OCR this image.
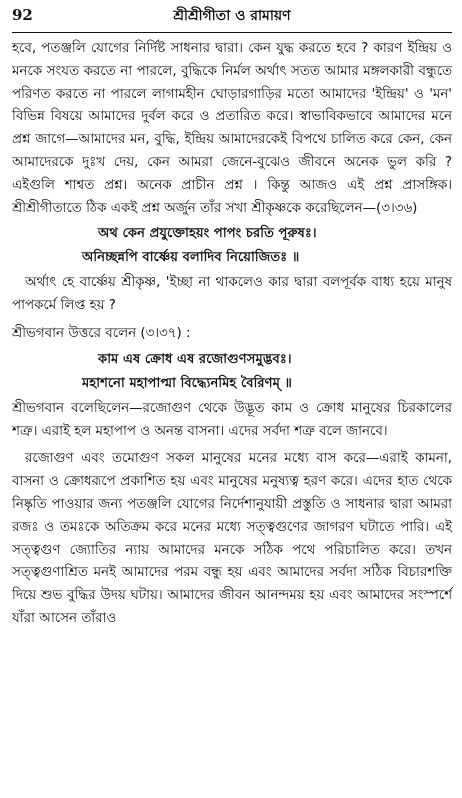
92	শ্রীশ্রীগীতা ও রামায়ণ

হবে, পতঞ্জলি যোগের নির্দিষ্ট সাধনার দ্বারা। কেন যুদ্ধ করতে হবে ? কারণ ইন্দ্রিয় ও মনকে সংযত করতে না পারলে, বুদ্ধিকে নির্মল অর্থাৎ সতত আমার মঙ্গলকারী বন্ধুতে পরিণত করতে না পারলে লাগামহীন ঘোড়ারগাড়ির মতো আমাদের 'ইন্দ্রিয়' ও 'মন' বিভিন্ন বিষয়ে আমাদের দুর্বল করে ও প্রতারিত করে। স্বাভাবিকভাবে আমাদের মনে প্রশ্ন জাগে—আমাদের মন, বুদ্ধি, ইন্দ্রিয় আমাদেরকেই বিপথে চালিত করে কেন, কেন আমাদেরকে দুঃখ দেয়, কেন আমরা জেনে-বুঝেও জীবনে অনেক ভুল করি ? এইগুলি শাশ্বত প্রশ্ন। অনেক প্রাচীন প্রশ্ন । কিন্তু আজও এই প্রশ্ন প্রাসঙ্গিক। শ্রীশ্রীগীতাতে ঠিক একই প্রশ্ন অর্জুন তাঁর সখা শ্রীকৃষ্ণকে করেছিলেন—(৩।৩৬)

অথ কেন প্রযুক্তোহয়ং পাপং চরতি পূরুষঃ।
অনিচ্ছন্নপি বার্ষ্ণেয় বলাদিব নিয়োজিতঃ ॥

অর্থাৎ হে বার্ষ্ণেয় শ্রীকৃষ্ণ, 'ইচ্ছা না থাকলেও কার দ্বারা বলপূর্বক বাধ্য হয়ে মানুষ পাপকর্মে লিপ্ত হয় ?

শ্রীভগবান উত্তরে বলেন (৩।৩৭) :

কাম এষ ক্রোধ এষ রজোগুণসমুদ্ভবঃ।
মহাশনো মহাপাপ্মা বিদ্ধ্যেনমিহ বৈরিণম্ ॥

শ্রীভগবান বলেছিলেন—রজোগুণ থেকে উদ্ভূত কাম ও ক্রোধ মানুষের চিরকালের শত্রু। এরাই হল মহাপাপ ও অনন্ত বাসনা। এদের সর্বদা শত্রু বলে জানবে।

রজোগুণ এবং তমোগুণ সকল মানুষের মনের মধ্যে বাস করে—এরাই কামনা, বাসনা ও ক্রোধরূপে প্রকাশিত হয় এবং মানুষের মনুষ্যত্ব হরণ করে। এদের হাত থেকে নিষ্কৃতি পাওয়ার জন্য পতঞ্জলি যোগের নির্দেশানুযায়ী প্রস্তুতি ও সাধনার দ্বারা আমরা রজঃ ও তমঃকে অতিক্রম করে মনের মধ্যে সত্ত্বগুণের জাগরণ ঘটাতে পারি। এই সত্ত্বগুণ জ্যোতির ন্যায় আমাদের মনকে সঠিক পথে পরিচালিত করে। তখন সত্ত্বগুণাশ্রিত মনই আমাদের পরম বন্ধু হয় এবং আমাদের সর্বদা সঠিক বিচারশক্তি দিয়ে শুভ বুদ্ধির উদয় ঘটায়। আমাদের জীবন আনন্দময় হয় এবং আমাদের সংস্পর্শে যাঁরা আসেন তাঁরাও
